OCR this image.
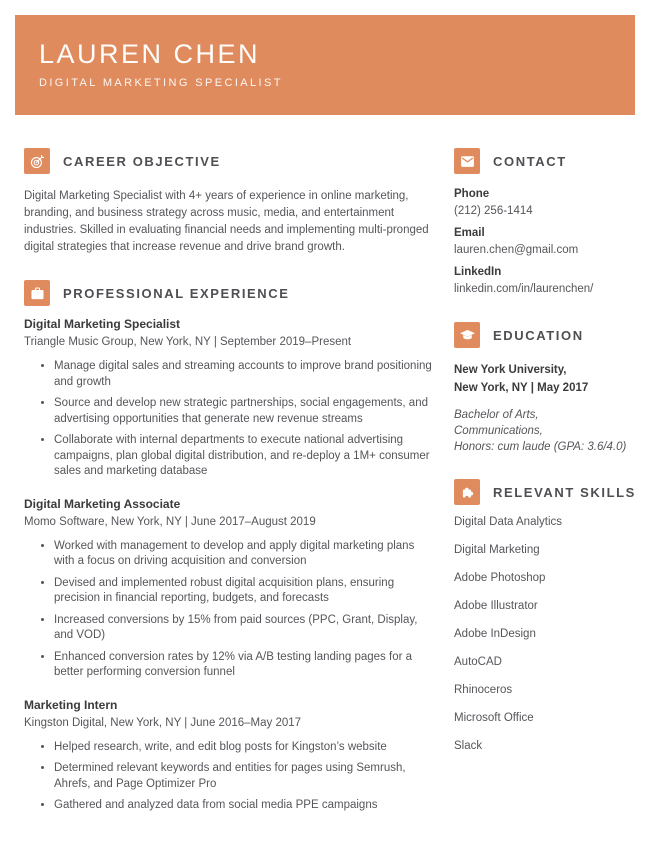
LAUREN CHEN
DIGITAL MARKETING SPECIALIST
CAREER OBJECTIVE

Digital Marketing Specialist with 4+ years of experience in online marketing, branding, and business strategy across music, media, and entertainment industries. Skilled in evaluating financial needs and implementing multi-pronged digital strategies that increase revenue and drive brand growth.

PROFESSIONAL EXPERIENCE
Digital Marketing Specialist
Triangle Music Group, New York, NY | September 2019–Present
• Manage digital sales and streaming accounts to improve brand positioning and growth
• Source and develop new strategic partnerships, social engagements, and advertising opportunities that generate new revenue streams
• Collaborate with internal departments to execute national advertising campaigns, plan global digital distribution, and re-deploy a 1M+ consumer sales and marketing database
Digital Marketing Associate
Momo Software, New York, NY | June 2017–August 2019
• Worked with management to develop and apply digital marketing plans with a focus on driving acquisition and conversion
• Devised and implemented robust digital acquisition plans, ensuring precision in financial reporting, budgets, and forecasts
• Increased conversions by 15% from paid sources (PPC, Grant, Display, and VOD)
• Enhanced conversion rates by 12% via A/B testing landing pages for a better performing conversion funnel
Marketing Intern
Kingston Digital, New York, NY | June 2016–May 2017
• Helped research, write, and edit blog posts for Kingston’s website
• Determined relevant keywords and entities for pages using Semrush, Ahrefs, and Page Optimizer Pro
• Gathered and analyzed data from social media PPE campaigns
CONTACT
Phone
(212) 256-1414
Email
lauren.chen@gmail.com
LinkedIn
linkedin.com/in/laurenchen/
EDUCATION
New York University,
New York, NY | May 2017
Bachelor of Arts,
Communications,
Honors: cum laude (GPA: 3.6/4.0)
RELEVANT SKILLS
Digital Data Analytics
Digital Marketing
Adobe Photoshop
Adobe Illustrator
Adobe InDesign
AutoCAD
Rhinoceros
Microsoft Office
Slack
